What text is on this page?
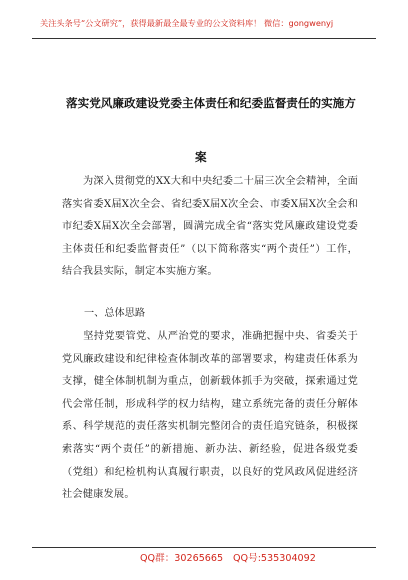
关注头条号“公文研究”，获得最新最全最专业的公文资料库！ 微信：gongwenyj
落实党风廉政建设党委主体责任和纪委监督责任的实施方
案
为深入贯彻党的XX大和中央纪委二十届三次全会精神，全面落实省委X届X次全会、省纪委X届X次全会、市委X届X次全会和市纪委X届X次全会部署，圆满完成全省“落实党风廉政建设党委主体责任和纪委监督责任”（以下简称落实“两个责任”）工作，结合我县实际，制定本实施方案。
一、总体思路
坚持党要管党、从严治党的要求，准确把握中央、省委关于党风廉政建设和纪律检查体制改革的部署要求，构建责任体系为支撑，健全体制机制为重点，创新载体抓手为突破，探索通过党代会常任制，形成科学的权力结构，建立系统完备的责任分解体系、科学规范的责任落实机制完整闭合的责任追究链条，积极探索落实“两个责任”的新措施、新办法、新经验，促进各级党委（党组）和纪检机构认真履行职责，以良好的党风政风促进经济社会健康发展。
QQ群：30265665 QQ号:535304092
